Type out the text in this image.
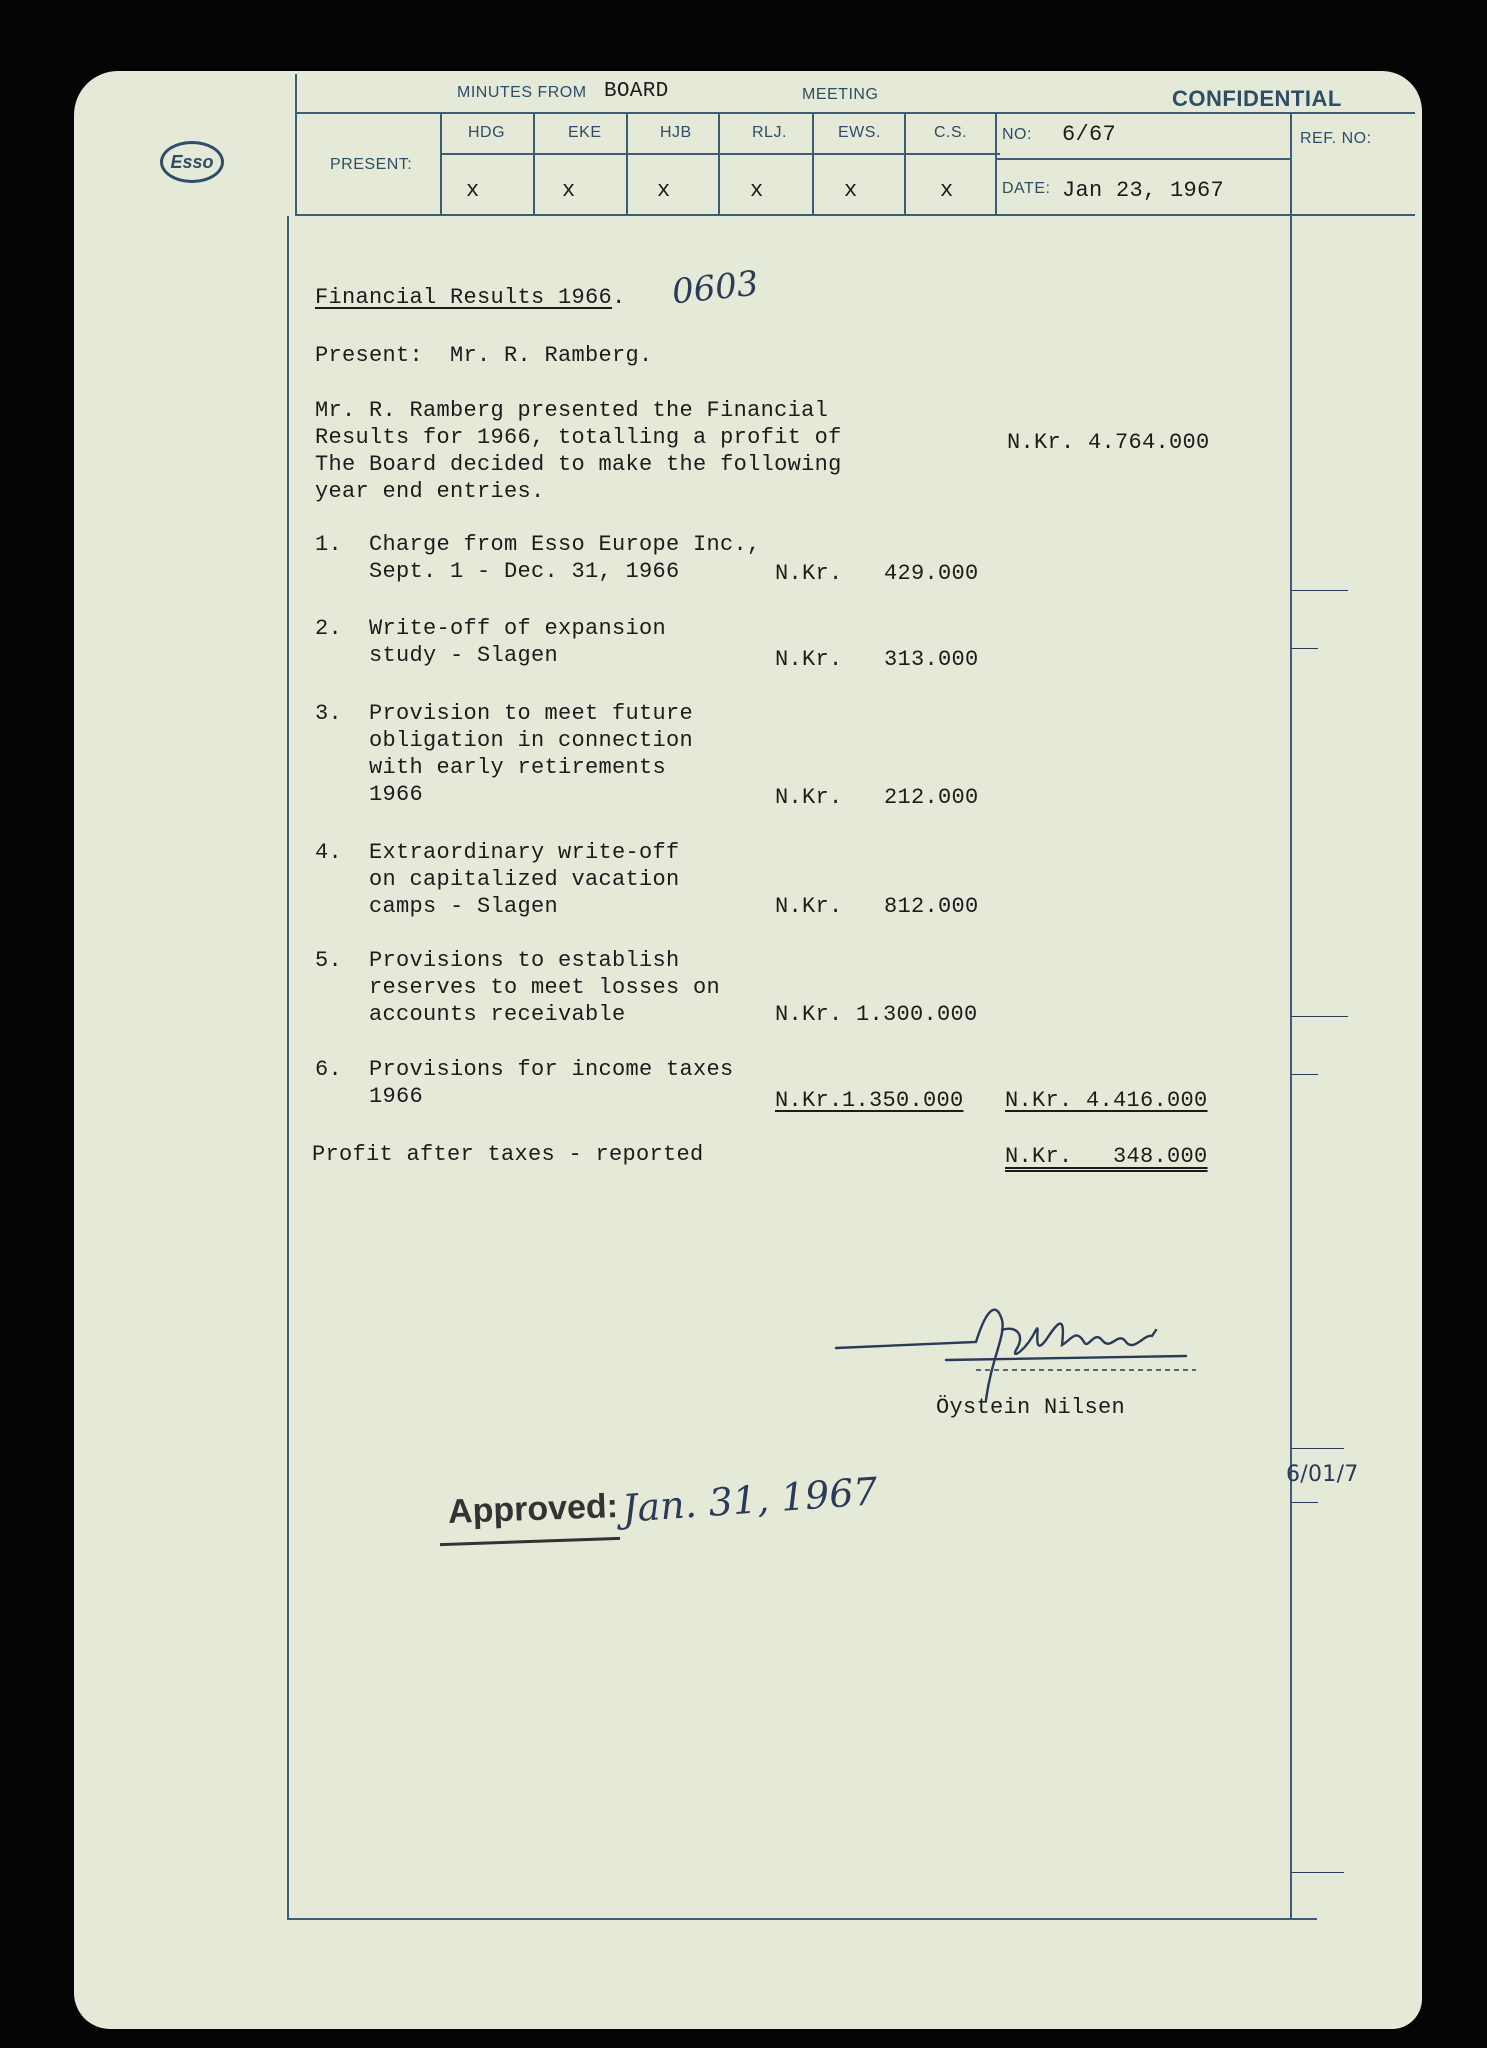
Esso
MINUTES FROM BOARD	MEETING	CONFIDENTIAL
PRESENT:
HDG	EKE	HJB	RLJ.	EWS.	C.S.
x	x	x	x	x	x
NO: 6/67
DATE: Jan 23, 1967
REF. NO:
Financial Results 1966. 0603
Present:  Mr. R. Ramberg.
Mr. R. Ramberg presented the Financial
Results for 1966, totalling a profit of
The Board decided to make the following
year end entries.
N.Kr. 4.764.000
1. Charge from Esso Europe Inc.,
Sept. 1 - Dec. 31, 1966	N.Kr. 429.000
2. Write-off of expansion
study - Slagen	N.Kr. 313.000
3. Provision to meet future
obligation in connection
with early retirements
1966	N.Kr. 212.000
4. Extraordinary write-off
on capitalized vacation
camps - Slagen	N.Kr. 812.000
5. Provisions to establish
reserves to meet losses on
accounts receivable	N.Kr. 1.300.000
6. Provisions for income taxes
1966	N.Kr. 1.350.000 N.Kr. 4.416.000
Profit after taxes - reported	N.Kr.   348.000
Öystein Nilsen
Approved: Jan. 31, 1967	6/01/7
